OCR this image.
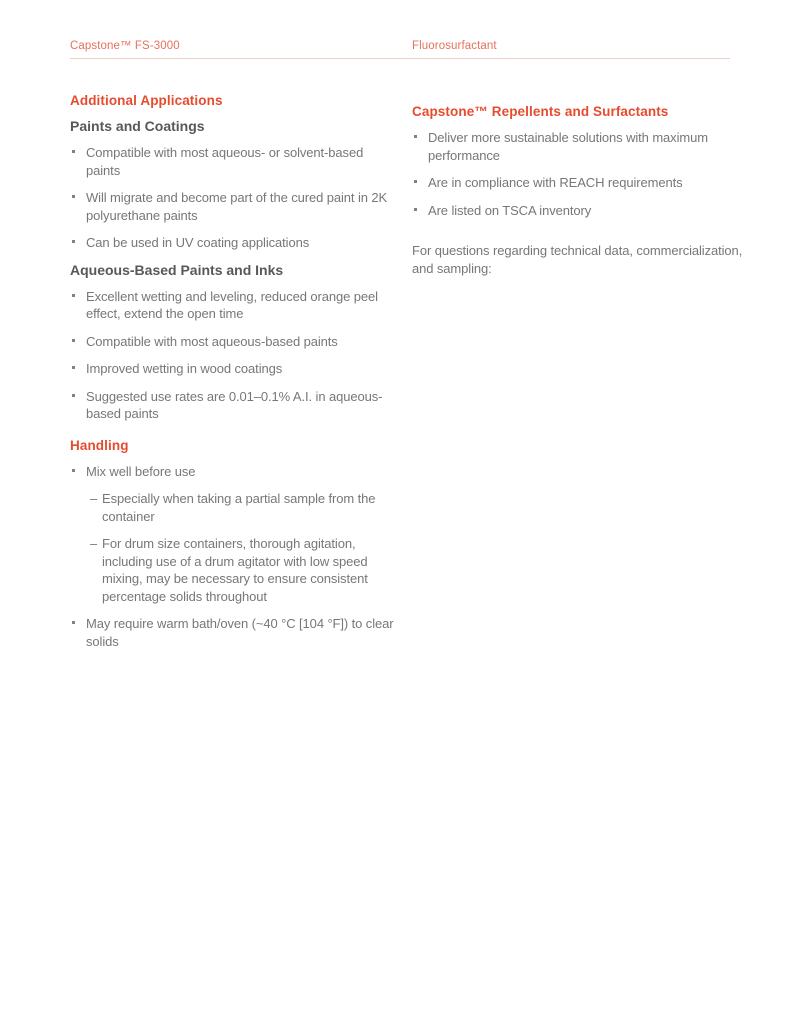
Capstone™ FS-3000	Fluorosurfactant
Additional Applications
Paints and Coatings
Compatible with most aqueous- or solvent-based paints
Will migrate and become part of the cured paint in 2K polyurethane paints
Can be used in UV coating applications
Aqueous-Based Paints and Inks
Excellent wetting and leveling, reduced orange peel effect, extend the open time
Compatible with most aqueous-based paints
Improved wetting in wood coatings
Suggested use rates are 0.01–0.1% A.I. in aqueous-based paints
Handling
Mix well before use
– Especially when taking a partial sample from the container
– For drum size containers, thorough agitation, including use of a drum agitator with low speed mixing, may be necessary to ensure consistent percentage solids throughout
May require warm bath/oven (~40 °C [104 °F]) to clear solids
Capstone™ Repellents and Surfactants
Deliver more sustainable solutions with maximum performance
Are in compliance with REACH requirements
Are listed on TSCA inventory

For questions regarding technical data, commercialization, and sampling:
